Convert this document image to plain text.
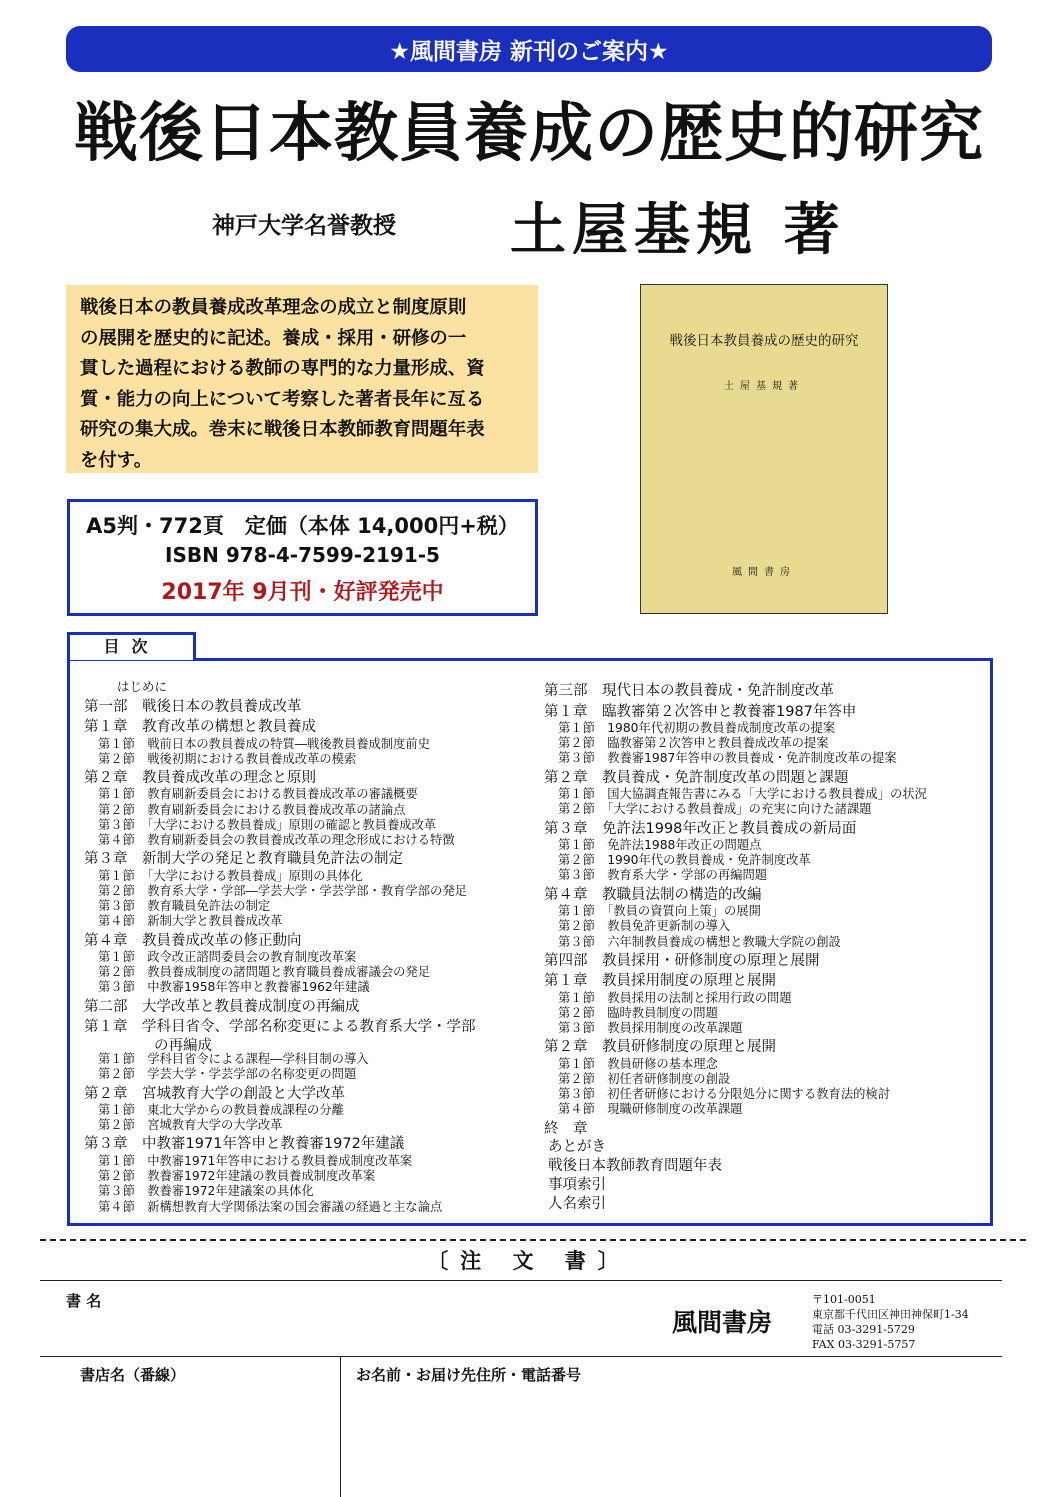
★風間書房 新刊のご案内★
戦後日本教員養成の歴史的研究
神戸大学名誉教授 土屋基規 著
戦後日本の教員養成改革理念の成立と制度原則
の展開を歴史的に記述。養成・採用・研修の一
貫した過程における教師の専門的な力量形成、資
質・能力の向上について考察した著者長年に亙る
研究の集大成。巻末に戦後日本教師教育問題年表
を付す。
戦後日本教員養成の歴史的研究
土屋基規著
風間書房
A5判・772頁　定価（本体 14,000円+税）
ISBN 978-4-7599-2191-5
2017年 9月刊・好評発売中
はじめに
第一部　戦後日本の教員養成改革
第１章　教育改革の構想と教員養成
第１節　戦前日本の教員養成の特質―戦後教員養成制度前史
第２節　戦後初期における教員養成改革の模索
第２章　教員養成改革の理念と原則
第１節　教育刷新委員会における教員養成改革の審議概要
第２節　教育刷新委員会における教員養成改革の諸論点
第３節　「大学における教員養成」原則の確認と教員養成改革
第４節　教育刷新委員会の教員養成改革の理念形成における特徴
第３章　新制大学の発足と教育職員免許法の制定
第１節　「大学における教員養成」原則の具体化
第２節　教育系大学・学部―学芸大学・学芸学部・教育学部の発足
第３節　教育職員免許法の制定
第４節　新制大学と教員養成改革
第４章　教員養成改革の修正動向
第１節　政令改正諮問委員会の教育制度改革案
第２節　教員養成制度の諸問題と教育職員養成審議会の発足
第３節　中教審1958年答申と教養審1962年建議
第二部　大学改革と教員養成制度の再編成
第１章　学科目省令、学部名称変更による教育系大学・学部
の再編成
第１節　学科目省令による課程―学科目制の導入
第２節　学芸大学・学芸学部の名称変更の問題
第２章　宮城教育大学の創設と大学改革
第１節　東北大学からの教員養成課程の分離
第２節　宮城教育大学の大学改革
第３章　中教審1971年答申と教養審1972年建議
第１節　中教審1971年答申における教員養成制度改革案
第２節　教養審1972年建議の教員養成制度改革案
第３節　教養審1972年建議案の具体化
第４節　新構想教育大学関係法案の国会審議の経過と主な論点
第三部　現代日本の教員養成・免許制度改革
第１章　臨教審第２次答申と教養審1987年答申
第１節　1980年代初期の教員養成制度改革の提案
第２節　臨教審第２次答申と教員養成改革の提案
第３節　教養審1987年答申の教員養成・免許制度改革の提案
第２章　教員養成・免許制度改革の問題と課題
第１節　国大協調査報告書にみる「大学における教員養成」の状況
第２節　「大学における教員養成」の充実に向けた諸課題
第３章　免許法1998年改正と教員養成の新局面
第１節　免許法1988年改正の問題点
第２節　1990年代の教員養成・免許制度改革
第３節　教育系大学・学部の再編問題
第４章　教職員法制の構造的改編
第１節　「教員の資質向上策」の展開
第２節　教員免許更新制の導入
第３節　六年制教員養成の構想と教職大学院の創設
第四部　教員採用・研修制度の原理と展開
第１章　教員採用制度の原理と展開
第１節　教員採用の法制と採用行政の問題
第２節　臨時教員制度の問題
第３節　教員採用制度の改革課題
第２章　教員研修制度の原理と展開
第１節　教員研修の基本理念
第２節　初任者研修制度の創設
第３節　初任者研修における分限処分に関する教育法的検討
第４節　現職研修制度の改革課題
終　章
あとがき
戦後日本教師教育問題年表
事項索引
人名索引
目次
〔注 文 書〕
書 名
風間書房
〒101-0051
東京都千代田区神田神保町1-34
電話 03-3291-5729
FAX 03-3291-5757
書店名（番線）	お名前・お届け先住所・電話番号
